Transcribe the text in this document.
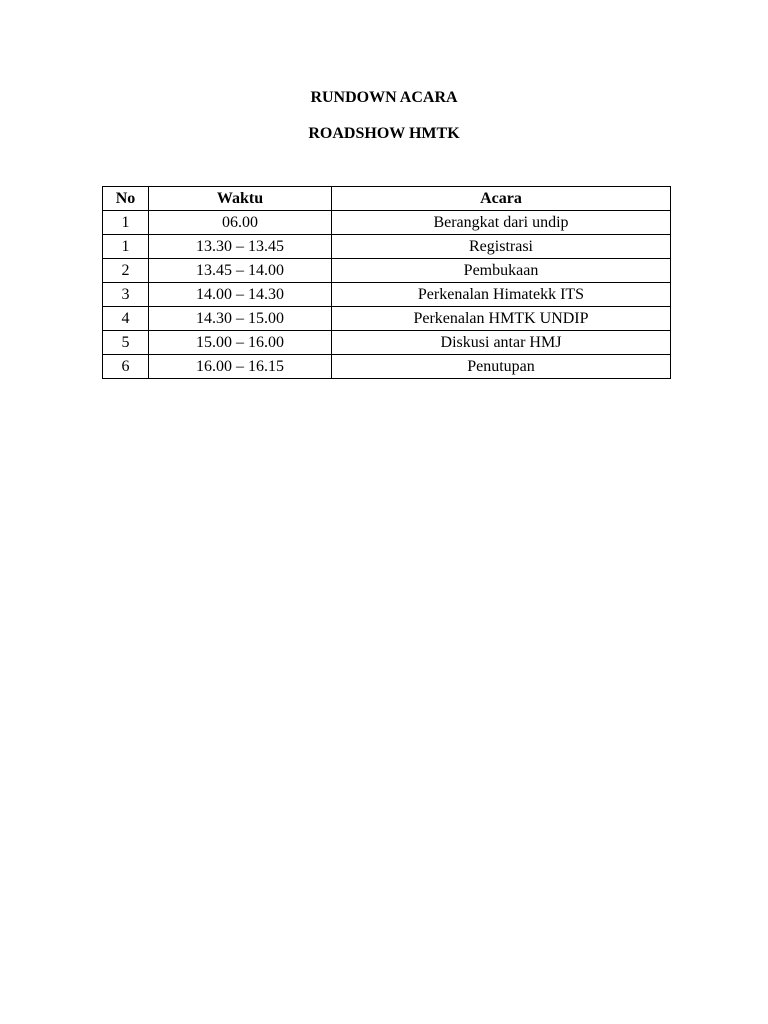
RUNDOWN ACARA
ROADSHOW HMTK
No	Waktu	Acara
1	06.00	Berangkat dari undip
1	13.30 – 13.45	Registrasi
2	13.45 – 14.00	Pembukaan
3	14.00 – 14.30	Perkenalan Himatekk ITS
4	14.30 – 15.00	Perkenalan HMTK UNDIP
5	15.00 – 16.00	Diskusi antar HMJ
6	16.00 – 16.15	Penutupan
